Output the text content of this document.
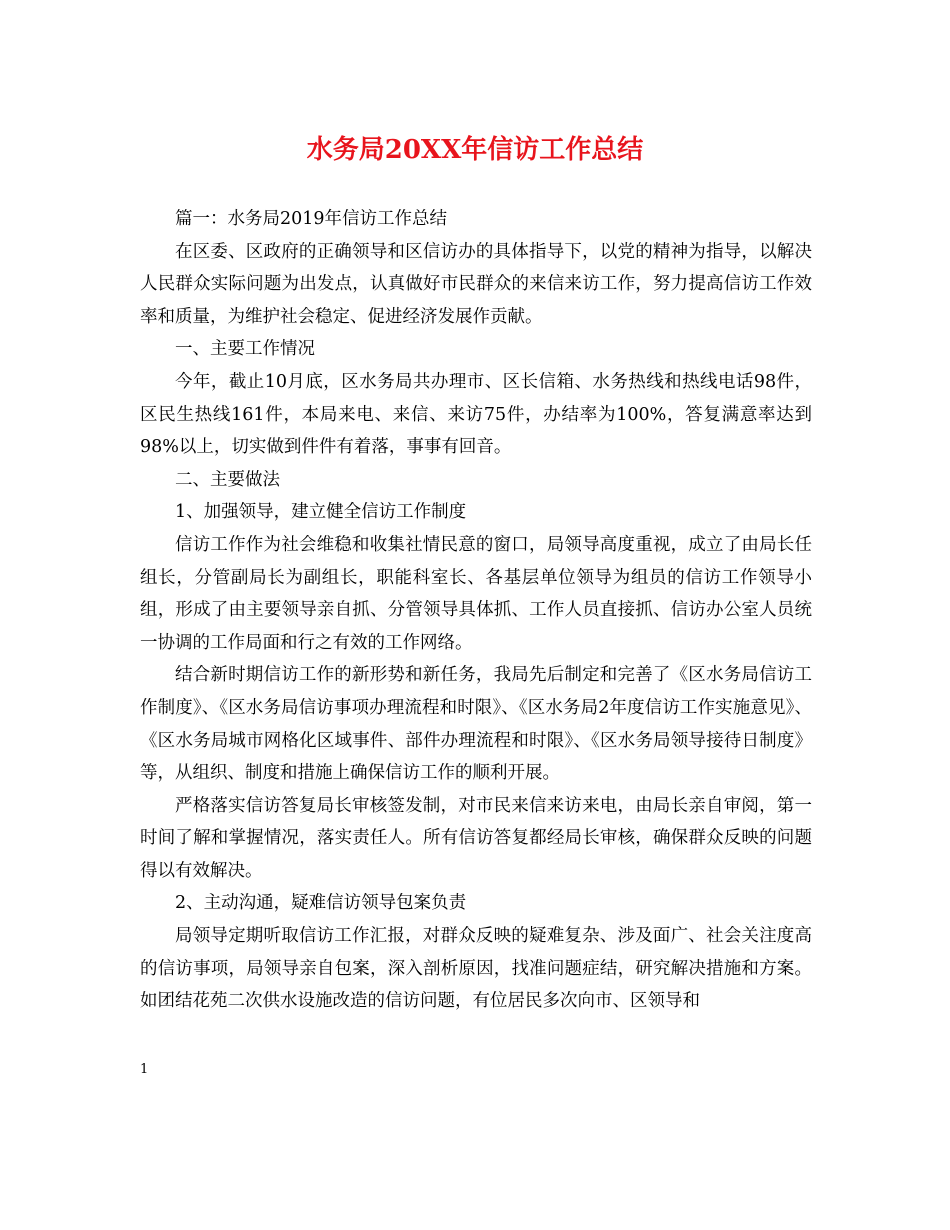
水务局20XX年信访工作总结

篇一：水务局2019年信访工作总结

在区委、区政府的正确领导和区信访办的具体指导下，以党的精神为指导，以解决人民群众实际问题为出发点，认真做好市民群众的来信来访工作，努力提高信访工作效率和质量，为维护社会稳定、促进经济发展作贡献。

一、主要工作情况

今年，截止10月底，区水务局共办理市、区长信箱、水务热线和热线电话98件，区民生热线161件，本局来电、来信、来访75件，办结率为100%，答复满意率达到98%以上，切实做到件件有着落，事事有回音。

二、主要做法

1、加强领导，建立健全信访工作制度

信访工作作为社会维稳和收集社情民意的窗口，局领导高度重视，成立了由局长任组长，分管副局长为副组长，职能科室长、各基层单位领导为组员的信访工作领导小组，形成了由主要领导亲自抓、分管领导具体抓、工作人员直接抓、信访办公室人员统一协调的工作局面和行之有效的工作网络。

结合新时期信访工作的新形势和新任务，我局先后制定和完善了《区水务局信访工作制度》、《区水务局信访事项办理流程和时限》、《区水务局2年度信访工作实施意见》、《区水务局城市网格化区域事件、部件办理流程和时限》、《区水务局领导接待日制度》等，从组织、制度和措施上确保信访工作的顺利开展。

严格落实信访答复局长审核签发制，对市民来信来访来电，由局长亲自审阅，第一时间了解和掌握情况，落实责任人。所有信访答复都经局长审核，确保群众反映的问题得以有效解决。

2、主动沟通，疑难信访领导包案负责

局领导定期听取信访工作汇报，对群众反映的疑难复杂、涉及面广、社会关注度高的信访事项，局领导亲自包案，深入剖析原因，找准问题症结，研究解决措施和方案。如团结花苑二次供水设施改造的信访问题，有位居民多次向市、区领导和

1
